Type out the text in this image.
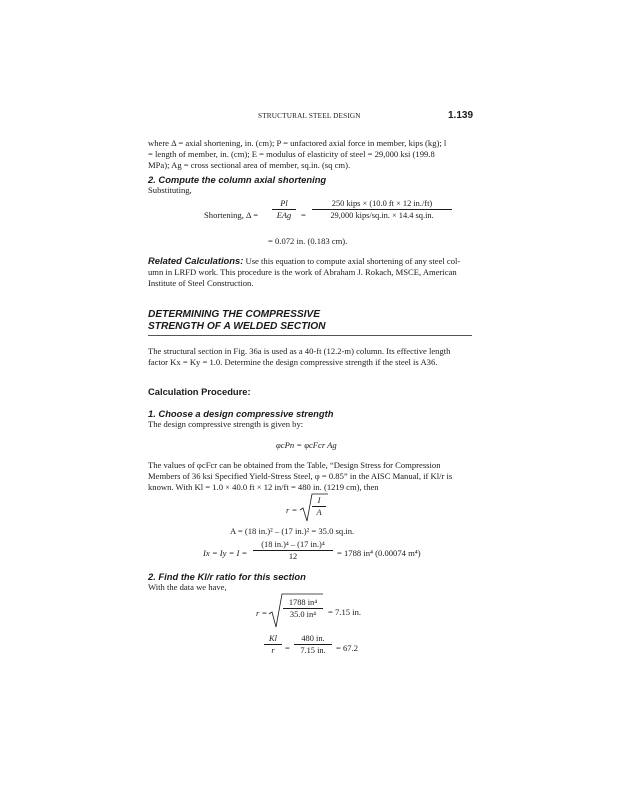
STRUCTURAL STEEL DESIGN	1.139
where Δ = axial shortening, in. (cm); P = unfactored axial force in member, kips (kg); l
= length of member, in. (cm); E = modulus of elasticity of steel = 29,000 ksi (199.8
MPa); Ag = cross sectional area of member, sq.in. (sq cm).
2. Compute the column axial shortening
Substituting,
Shortening, Δ =
Pl
EAg	=
250 kips × (10.0 ft × 12 in./ft)
29,000 kips/sq.in. × 14.4 sq.in.
= 0.072 in. (0.183 cm).
Related Calculations: Use this equation to compute axial shortening of any steel col-
umn in LRFD work. This procedure is the work of Abraham J. Rokach, MSCE, American
Institute of Steel Construction.
DETERMINING THE COMPRESSIVE
STRENGTH OF A WELDED SECTION
The structural section in Fig. 36a is used as a 40-ft (12.2-m) column. Its effective length
factor Kx = Ky = 1.0. Determine the design compressive strength if the steel is A36.
Calculation Procedure:
1. Choose a design compressive strength
The design compressive strength is given by:
φcPn = φcFcr Ag
The values of φcFcr can be obtained from the Table, “Design Stress for Compression
Members of 36 ksi Specified Yield-Stress Steel, φ = 0.85” in the AISC Manual, if Kl/r is
known. With Kl = 1.0 × 40.0 ft × 12 in/ft = 480 in. (1219 cm), then
$r = \frac{I}{A}$
A = (18 in.)² – (17 in.)² = 35.0 sq.in.
$Ix = Iy = I = \frac{\text{(18 in.)⁴ – (17 in.)⁴}}{12} = 1788$ in⁴ (0.00074 m⁴)
2. Find the Kl/r ratio for this section
With the data we have,
$r = \frac{\text{1788 in⁴}}{\text{35.0 in⁴}} = 7.15$ in.
$\frac{Kl}{r} = \frac{480 in.}{7.15 in.} = 67.2$
